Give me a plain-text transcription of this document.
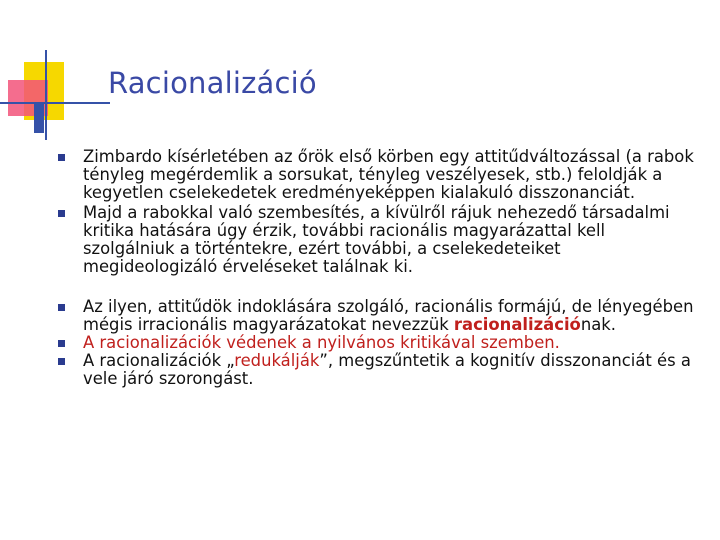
Racionalizáció
Zimbardo kísérletében az őrök első körben egy attitűdváltozással (a rabok tényleg megérdemlik a sorsukat, tényleg veszélyesek, stb.) feloldják a kegyetlen cselekedetek eredményeképpen kialakuló disszonanciát.
Majd a rabokkal való szembesítés, a kívülről rájuk nehezedő társadalmi kritika hatására úgy érzik, további racionális magyarázattal kell szolgálniuk a történtekre, ezért további, a cselekedeteiket megideologizáló érveléseket találnak ki.
Az ilyen, attitűdök indoklására szolgáló, racionális formájú, de lényegében mégis irracionális magyarázatokat nevezzük racionalizációnak.
A racionalizációk védenek a nyilvános kritikával szemben.
A racionalizációk „redukálják”, megszűntetik a kognitív disszonanciát és a vele járó szorongást.
